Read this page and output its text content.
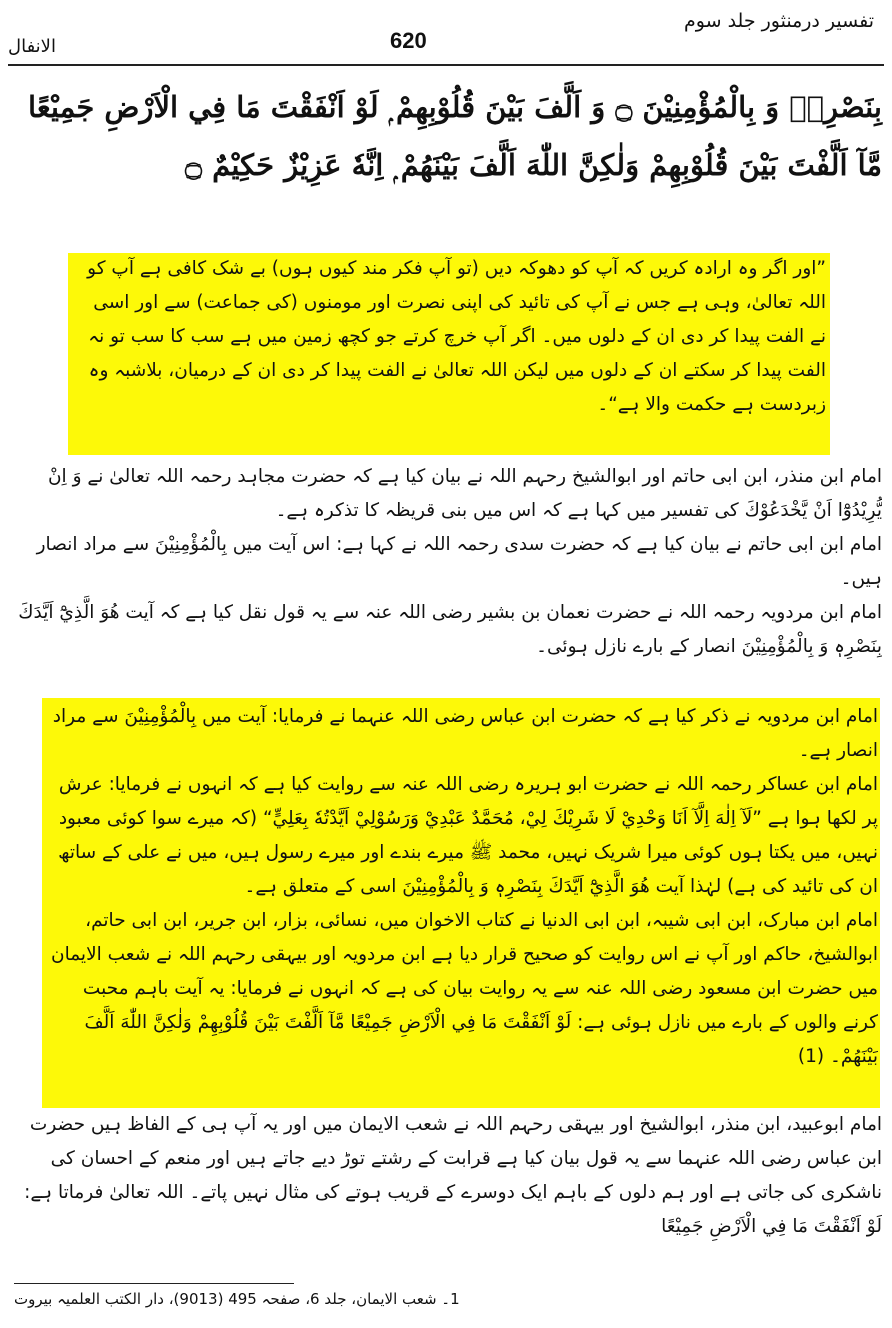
تفسیر درمنثور جلد سوم
620
الانفال
بِنَصْرِهٖ وَ بِالْمُؤْمِنِيْنَ ۝ وَ اَلَّفَ بَيْنَ قُلُوْبِهِمْ ۭ لَوْ اَنْفَقْتَ مَا فِي الْاَرْضِ جَمِيْعًا مَّآ اَلَّفْتَ بَيْنَ قُلُوْبِهِمْ وَلٰكِنَّ اللّٰهَ اَلَّفَ بَيْنَهُمْ ۭ اِنَّهٗ عَزِيْزٌ حَكِيْمٌ ۝

”اور اگر وہ ارادہ کریں کہ آپ کو دھوکہ دیں (تو آپ فکر مند کیوں ہوں) بے شک کافی ہے آپ کو اللہ تعالیٰ، وہی ہے جس نے آپ کی تائید کی اپنی نصرت اور مومنوں (کی جماعت) سے اور اسی نے الفت پیدا کر دی ان کے دلوں میں۔ اگر آپ خرچ کرتے جو کچھ زمین میں ہے سب کا سب تو نہ الفت پیدا کر سکتے ان کے دلوں میں لیکن اللہ تعالیٰ نے الفت پیدا کر دی ان کے درمیان، بلاشبہ وہ زبردست ہے حکمت والا ہے“۔

امام ابن منذر، ابن ابی حاتم اور ابوالشیخ رحہم اللہ نے بیان کیا ہے کہ حضرت مجاہد رحمہ اللہ تعالیٰ نے وَ اِنْ يُّرِيْدُوْٓا اَنْ يَّخْدَعُوْكَ کی تفسیر میں کہا ہے کہ اس میں بنی قریظہ کا تذکرہ ہے۔

امام ابن ابی حاتم نے بیان کیا ہے کہ حضرت سدی رحمہ اللہ نے کہا ہے: اس آیت میں بِالْمُؤْمِنِيْنَ سے مراد انصار ہیں۔

امام ابن مردویہ رحمہ اللہ نے حضرت نعمان بن بشیر رضی اللہ عنہ سے یہ قول نقل کیا ہے کہ آیت هُوَ الَّذِيْٓ اَيَّدَكَ بِنَصْرِهٖ وَ بِالْمُؤْمِنِيْنَ انصار کے بارے نازل ہوئی۔

امام ابن مردویہ نے ذکر کیا ہے کہ حضرت ابن عباس رضی اللہ عنہما نے فرمایا: آیت میں بِالْمُؤْمِنِيْنَ سے مراد انصار ہے۔

امام ابن عساکر رحمہ اللہ نے حضرت ابو ہریرہ رضی اللہ عنہ سے روایت کیا ہے کہ انہوں نے فرمایا: عرش پر لکھا ہوا ہے ”لَآ اِلٰهَ اِلَّآ اَنَا وَحْدِيْ لَا شَرِيْكَ لِيْ، مُحَمَّدٌ عَبْدِيْ وَرَسُوْلِيْ اَيَّدْتُهٗ بِعَلِيٍّ“ (کہ میرے سوا کوئی معبود نہیں، میں یکتا ہوں کوئی میرا شریک نہیں، محمد ﷺ میرے بندے اور میرے رسول ہیں، میں نے علی کے ساتھ ان کی تائید کی ہے) لہٰذا آیت هُوَ الَّذِيْٓ اَيَّدَكَ بِنَصْرِهٖ وَ بِالْمُؤْمِنِيْنَ اسی کے متعلق ہے۔

امام ابن مبارک، ابن ابی شیبہ، ابن ابی الدنیا نے کتاب الاخوان میں، نسائی، بزار، ابن جریر، ابن ابی حاتم، ابوالشیخ، حاکم اور آپ نے اس روایت کو صحیح قرار دیا ہے ابن مردویہ اور بیہقی رحہم اللہ نے شعب الایمان میں حضرت ابن مسعود رضی اللہ عنہ سے یہ روایت بیان کی ہے کہ انہوں نے فرمایا: یہ آیت باہم محبت کرنے والوں کے بارے میں نازل ہوئی ہے: لَوْ اَنْفَقْتَ مَا فِي الْاَرْضِ جَمِيْعًا مَّآ اَلَّفْتَ بَيْنَ قُلُوْبِهِمْ وَلٰكِنَّ اللّٰهَ اَلَّفَ بَيْنَهُمْ۔ (1)

امام ابوعبید، ابن منذر، ابوالشیخ اور بیہقی رحہم اللہ نے شعب الایمان میں اور یہ آپ ہی کے الفاظ ہیں حضرت ابن عباس رضی اللہ عنہما سے یہ قول بیان کیا ہے قرابت کے رشتے توڑ دیے جاتے ہیں اور منعم کے احسان کی ناشکری کی جاتی ہے اور ہم دلوں کے باہم ایک دوسرے کے قریب ہوتے کی مثال نہیں پاتے۔ اللہ تعالیٰ فرماتا ہے: لَوْ اَنْفَقْتَ مَا فِي الْاَرْضِ جَمِيْعًا

1۔ شعب الایمان، جلد 6، صفحہ 495 (9013)، دار الکتب العلمیہ بیروت
